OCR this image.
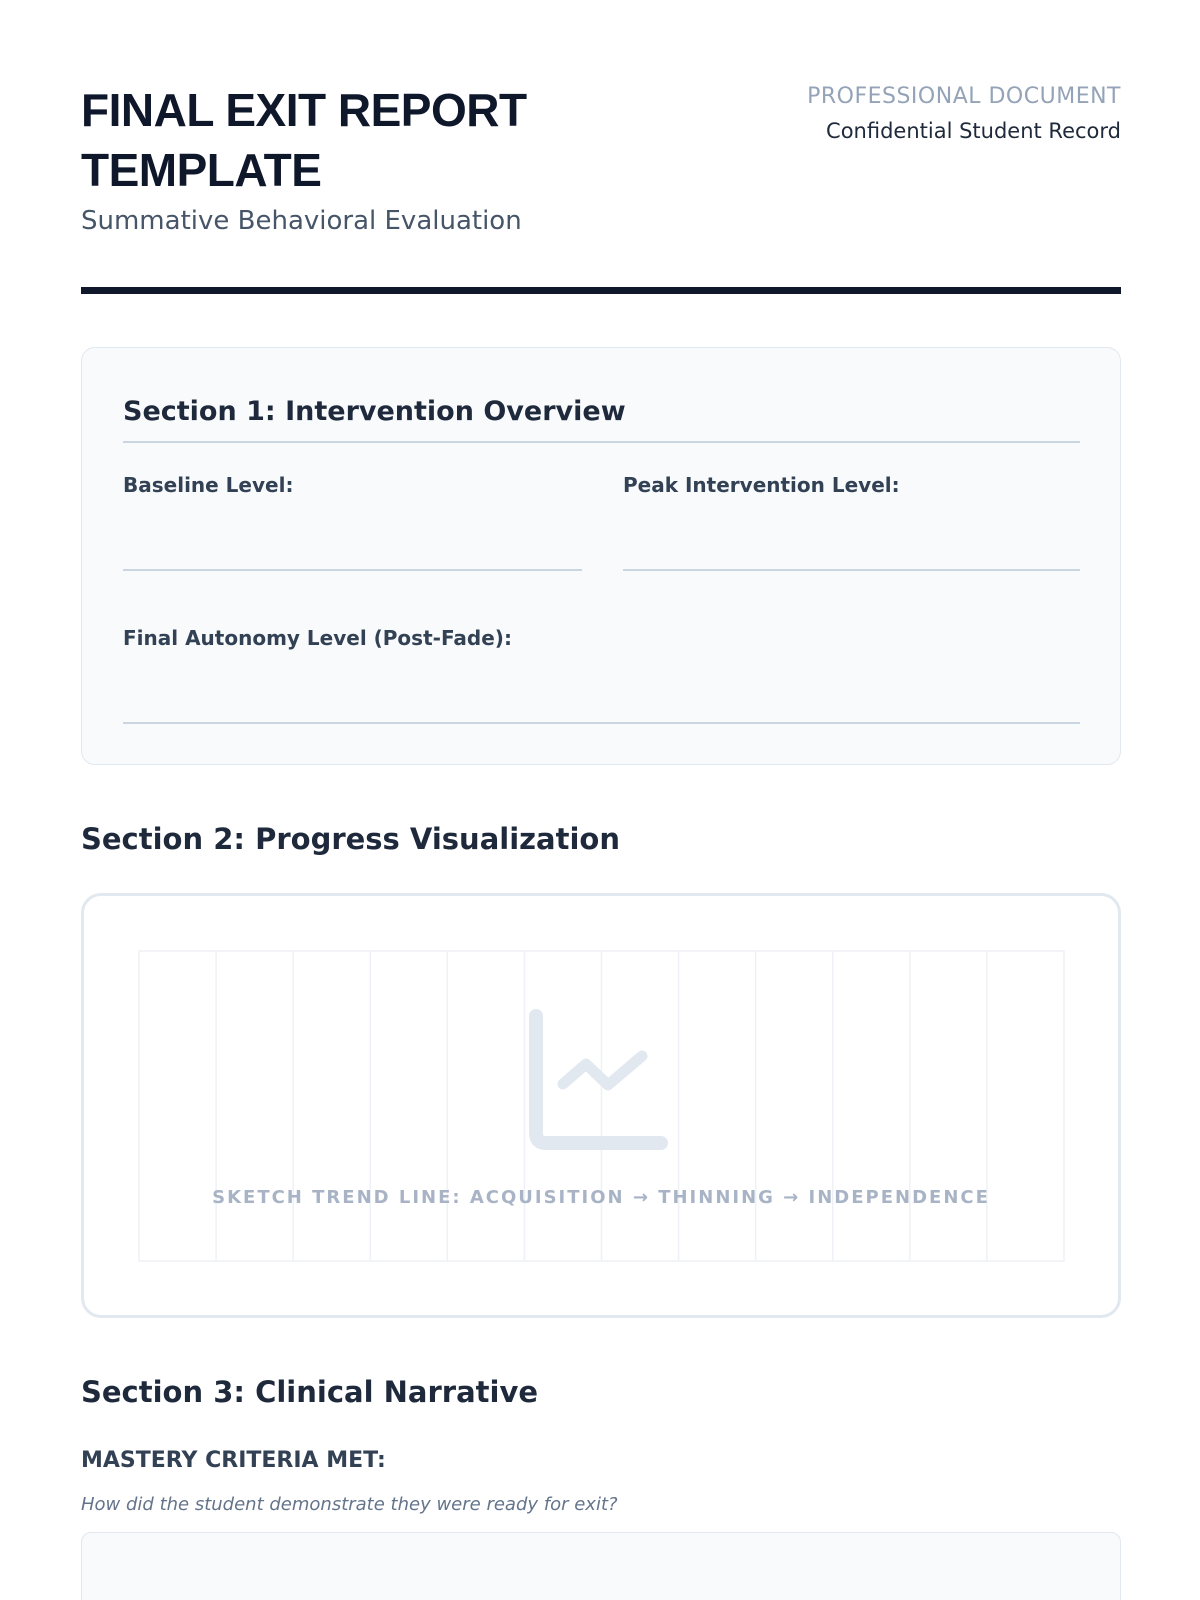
FINAL EXIT REPORT TEMPLATE
Summative Behavioral Evaluation
PROFESSIONAL DOCUMENT
Confidential Student Record
Section 1: Intervention Overview
Baseline Level:	Peak Intervention Level:
Final Autonomy Level (Post-Fade):
Section 2: Progress Visualization
SKETCH TREND LINE: ACQUISITION → THINNING → INDEPENDENCE
Section 3: Clinical Narrative
MASTERY CRITERIA MET:
How did the student demonstrate they were ready for exit?
